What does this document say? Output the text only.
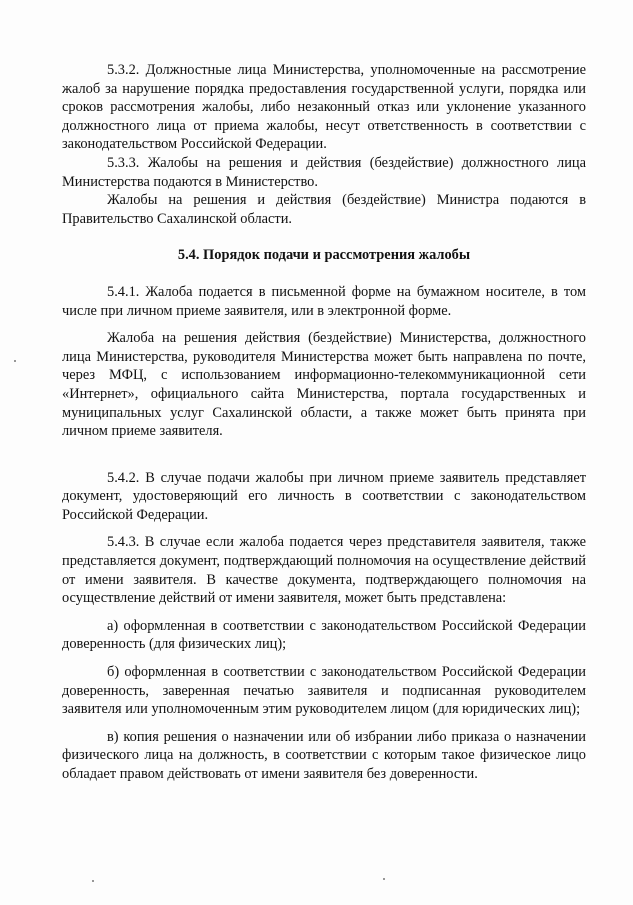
5.3.2. Должностные лица Министерства, уполномоченные на рассмотрение жалоб за нарушение порядка предоставления государственной услуги, порядка или сроков рассмотрения жалобы, либо незаконный отказ или уклонение указанного должностного лица от приема жалобы, несут ответственность в соответствии с законодательством Российской Федерации.

5.3.3. Жалобы на решения и действия (бездействие) должностного лица Министерства подаются в Министерство.

Жалобы на решения и действия (бездействие) Министра подаются в Правительство Сахалинской области.

5.4. Порядок подачи и рассмотрения жалобы

5.4.1. Жалоба подается в письменной форме на бумажном носителе, в том числе при личном приеме заявителя, или в электронной форме.

Жалоба на решения действия (бездействие) Министерства, должностного лица Министерства, руководителя Министерства может быть направлена по почте, через МФЦ, с использованием информационно-телекоммуникационной сети «Интернет», официального сайта Министерства, портала государственных и муниципальных услуг Сахалинской области, а также может быть принята при личном приеме заявителя.

5.4.2. В случае подачи жалобы при личном приеме заявитель представляет документ, удостоверяющий его личность в соответствии с законодательством Российской Федерации.

5.4.3. В случае если жалоба подается через представителя заявителя, также представляется документ, подтверждающий полномочия на осуществление действий от имени заявителя. В качестве документа, подтверждающего полномочия на осуществление действий от имени заявителя, может быть представлена:

а) оформленная в соответствии с законодательством Российской Федерации доверенность (для физических лиц);

б) оформленная в соответствии с законодательством Российской Федерации доверенность, заверенная печатью заявителя и подписанная руководителем заявителя или уполномоченным этим руководителем лицом (для юридических лиц);

в) копия решения о назначении или об избрании либо приказа о назначении физического лица на должность, в соответствии с которым такое физическое лицо обладает правом действовать от имени заявителя без доверенности.
